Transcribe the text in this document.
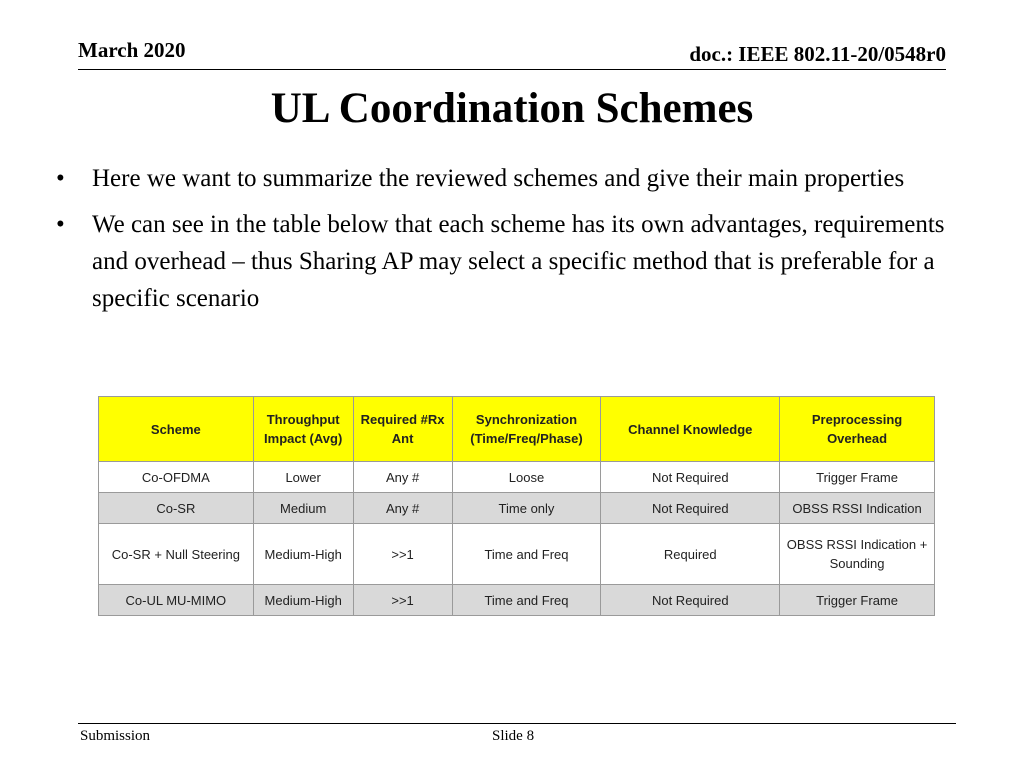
March 2020	doc.: IEEE 802.11-20/0548r0
UL Coordination Schemes
• Here we want to summarize the reviewed schemes and give their main properties
• We can see in the table below that each scheme has its own advantages, requirements and overhead – thus Sharing AP may select a specific method that is preferable for a specific scenario
Scheme	Throughput Impact (Avg)	Required #Rx Ant	Synchronization (Time/Freq/Phase)	Channel Knowledge	Preprocessing Overhead
Co-OFDMA	Lower	Any #	Loose	Not Required	Trigger Frame
Co-SR	Medium	Any #	Time only	Not Required	OBSS RSSI Indication
Co-SR + Null Steering	Medium-High	>>1	Time and Freq	Required	OBSS RSSI Indication + Sounding
Co-UL MU-MIMO	Medium-High	>>1	Time and Freq	Not Required	Trigger Frame
Submission	Slide 8
